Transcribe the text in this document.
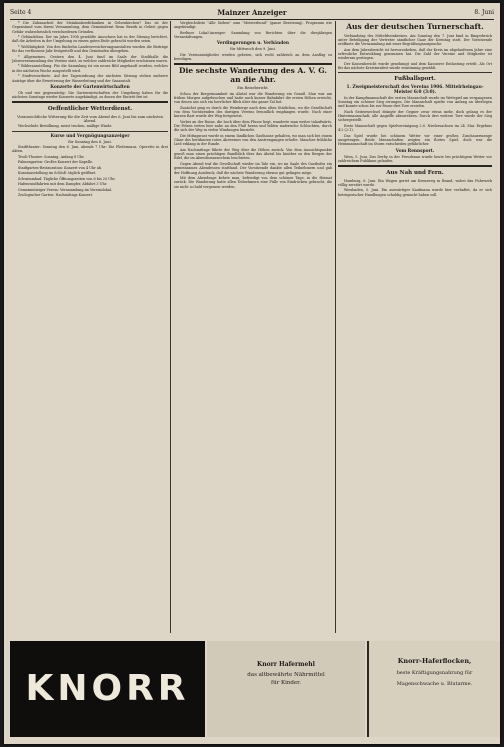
Seite 4	Mainzer Anzeiger	8. Juni

* Die Zubauarbeit der Meinkonkreditbanken in Gelsenkirchen? Das ist der Gegenstand vom ihrem Versammlung, dem Gemeinderat Reun Bezirk in Gebiet gegen Gefahr wahrscheinlich verschiedenen Gründen.

* Gebäudebau. Der im Jahre 1908 gewählte Ausschuss hat in der Sitzung berichtet, daß die Arbeiten in der Umgebung zu einem guten Ende gebracht worden seien.

* Wohltätigkeit. Von den fünfzehn Landesversicherungsanstalten wurden die Beiträge für das verflossene Jahr festgestellt und den Gemeinden übergeben.

* Allgemeines. Gestern den 4. Juni fand im Saale der Stadthalle die Jahresversammlung des Vereins statt, zu welcher zahlreiche Mitglieder erschienen waren.

* Bilderausstellung. Für die Sammlung ist ein neues Bild angekauft worden, welches in der nächsten Woche ausgestellt wird.

* Stadtverordnete. Auf der Tagesordnung der nächsten Sitzung stehen mehrere Anträge über die Erweiterung der Wasserleitung und der Gasanstalt.

Konzerte der Gartenwirtschaften

Ob und wie gegenwärtig: Die Gartenwirtschaften der Umgebung haben für die nächsten Sonntage wieder Konzerte angekündigt, zu denen der Eintritt frei ist.

Oeffentlicher Wetterdienst.
Voraussichtliche Witterung für die Zeit vom Abend des 6. Juni bis zum nächsten Abend.

Wechselnde Bewölkung, meist trocken, mäßige Winde.

Kurse und Vergnügungsanzeiger
für Sonntag den 6. Juni.

Stadttheater: Sonntag den 6. Juni, abends 7 Uhr: Die Fledermaus. Operette in drei Akten.

Tivoli-Theater: Sonntag, Anfang 8 Uhr.

Palmengarten: Großes Konzert der Kapelle.

Stadtgarten-Restauration: Konzert von 4 Uhr ab.

Kunstausstellung im Schloß: täglich geöffnet.

Schwimmbad: Tägliche Öffnungszeiten von 6 bis 20 Uhr.

Hafenrundfahrten mit dem Dampfer, Abfahrt 3 Uhr.

Gemeinnütziger Verein: Versammlung im Vereinslokal.

Zoologischer Garten: Nachmittags Konzert.

Vergleichsliste "Alle Sieben" zum "Meisterbund" (ganze Besetzung). Programm wie angekündigt.

Berliner Lokal-Anzeiger: Sammlung von Berichten über die diesjährigen Veranstaltungen.

Verdingerungen u. Verbänden
für Mittwoch den 9. Juni.

Die Vereinsmitglieder werden gebeten, sich recht zahlreich an dem Ausflug zu beteiligen.

Die sechste Wanderung des A. V. G. an die Ahr.
Ein Reisebericht.

Schon der Bergeinsamkeit im Ahrtal war die Wanderung ein Genuß. Man war am frühen Morgen aufgebrochen und hatte nach kurzer Bahnfahrt die ersten Höhen erreicht, von denen aus sich ein herrlicher Blick über das ganze Tal bot.

Zunächst ging es durch die Weinberge nach dem alten Städtchen, wo die Gesellschaft von dem Vorsitzenden des dortigen Vereins freundlich empfangen wurde. Nach einer kurzen Rast wurde der Weg fortgesetzt.

Vorbei an der Ruine, die hoch über dem Flusse liegt, wanderte man weiter talaufwärts. Die Felsen treten hier nahe an den Fluß heran und bilden malerische Schluchten, durch die sich der Weg in vielen Windungen hinzieht.

Die Mittagsrast wurde in einem ländlichen Gasthause gehalten, wo man sich bei einem Glase des berühmten roten Ahrweines von den Anstrengungen erholte. Manches fröhliche Lied erklang in der Runde.

Am Nachmittage führte der Weg über die Höhen zurück. Von dem Aussichtspunkte genoß man einen prächtigen Rundblick über das Ahrtal bis hinüber zu den Bergen der Eifel, die im Abendsonnenschein leuchteten.

Gegen Abend traf die Gesellschaft wieder im Tale ein, wo im Saale des Gasthofes ein gemeinsames Abendessen stattfand. Der Vorsitzende dankte allen Teilnehmern und gab der Hoffnung Ausdruck, daß die nächste Wanderung ebenso gut gelingen möge.

Mit dem Abendzuge kehrte man, befriedigt von dem schönen Tage, in die Heimat zurück. Die Wanderung hatte allen Teilnehmern eine Fülle von Eindrücken gebracht, die sie nicht so bald vergessen werden.

Aus der deutschen Turnerschaft.

Verbandstag des Mittelrheinkreises. Am Sonntag den 7. Juni fand in Bingerbrück unter Beteiligung der Vertreter sämtlicher Gaue der Kreistag statt. Der Vorsitzende eröffnete die Versammlung mit einer Begrüßungsansprache.

Aus dem Jahresbericht ist hervorzuheben, daß der Kreis im abgelaufenen Jahre eine erfreuliche Entwicklung genommen hat. Die Zahl der Vereine und Mitglieder ist wiederum gestiegen.

Der Kassenbericht wurde genehmigt und dem Kassierer Entlastung erteilt. Als Ort für das nächste Kreisturnfest wurde einstimmig gewählt.

Fußballsport.
1. Zweigmeisterschaft des Vereins 1906. Mittelrheingau-Meister 6:0 (3:0).

In der Kampfmannschaft der ersten Mannschaft wurde im Wettspiel am vergangenen Sonntag ein schöner Sieg errungen. Die Mannschaft spielte von Anfang an überlegen und konnte schon bis zur Pause drei Tore erzielen.

Nach Seitenwechsel drängte der Gegner zwar etwas mehr, doch gelang es der Hintermannschaft, alle Angriffe abzuwehren. Durch drei weitere Tore wurde der Sieg sichergestellt.

Erste Mannschaft gegen Spielvereinigung 2:0. Niedersachsen im 24. Mai. Ergebnis 4:2 (2:1).

Das Spiel wurde bei schönem Wetter vor einer großen Zuschauermenge ausgetragen. Beide Mannschaften zeigten ein flottes Spiel, doch war die Heimmannschaft im Sturm entschieden gefährlicher.

Vom Rennsport.

Wien, 5. Juni. Das Derby in der Freudenau wurde heute bei prächtigem Wetter vor zahlreichem Publikum gelaufen.

Aus Nah und Fern.

Homburg, 6. Juni. Ein Wagen geriet am Kreuzweg in Brand, wobei das Fuhrwerk völlig zerstört wurde.

Wiesbaden, 5. Juni. Ein auswärtiger Kaufmann wurde hier verhaftet, da er sich betrügerischer Handlungen schuldig gemacht haben soll.

KNORR
Knorr Hafermehl
das altbewährte Nährmittel
für Kinder.
Knorr-Haferflocken,
beste Kräftigungsnahrung für
Magenschwache u. Blutarme.
